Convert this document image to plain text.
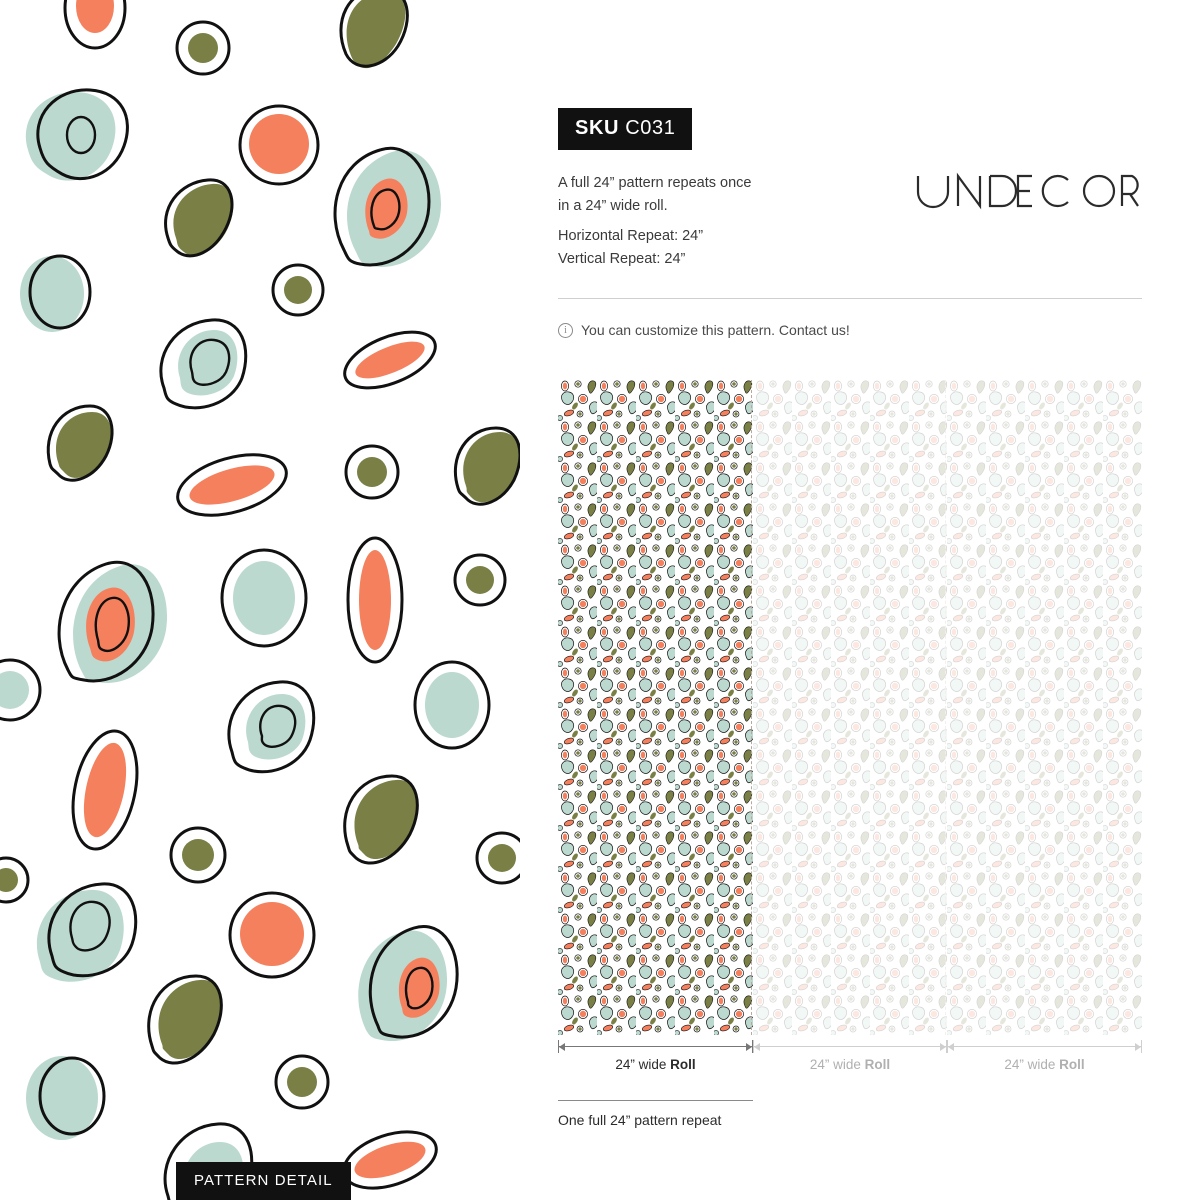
PATTERN DETAIL
SKU C031
A full 24” pattern repeats once
in a 24” wide roll.
Horizontal Repeat: 24”
Vertical Repeat: 24”
i	You can customize this pattern. Contact us!
24” wide Roll	24” wide Roll	24” wide Roll
One full 24” pattern repeat
